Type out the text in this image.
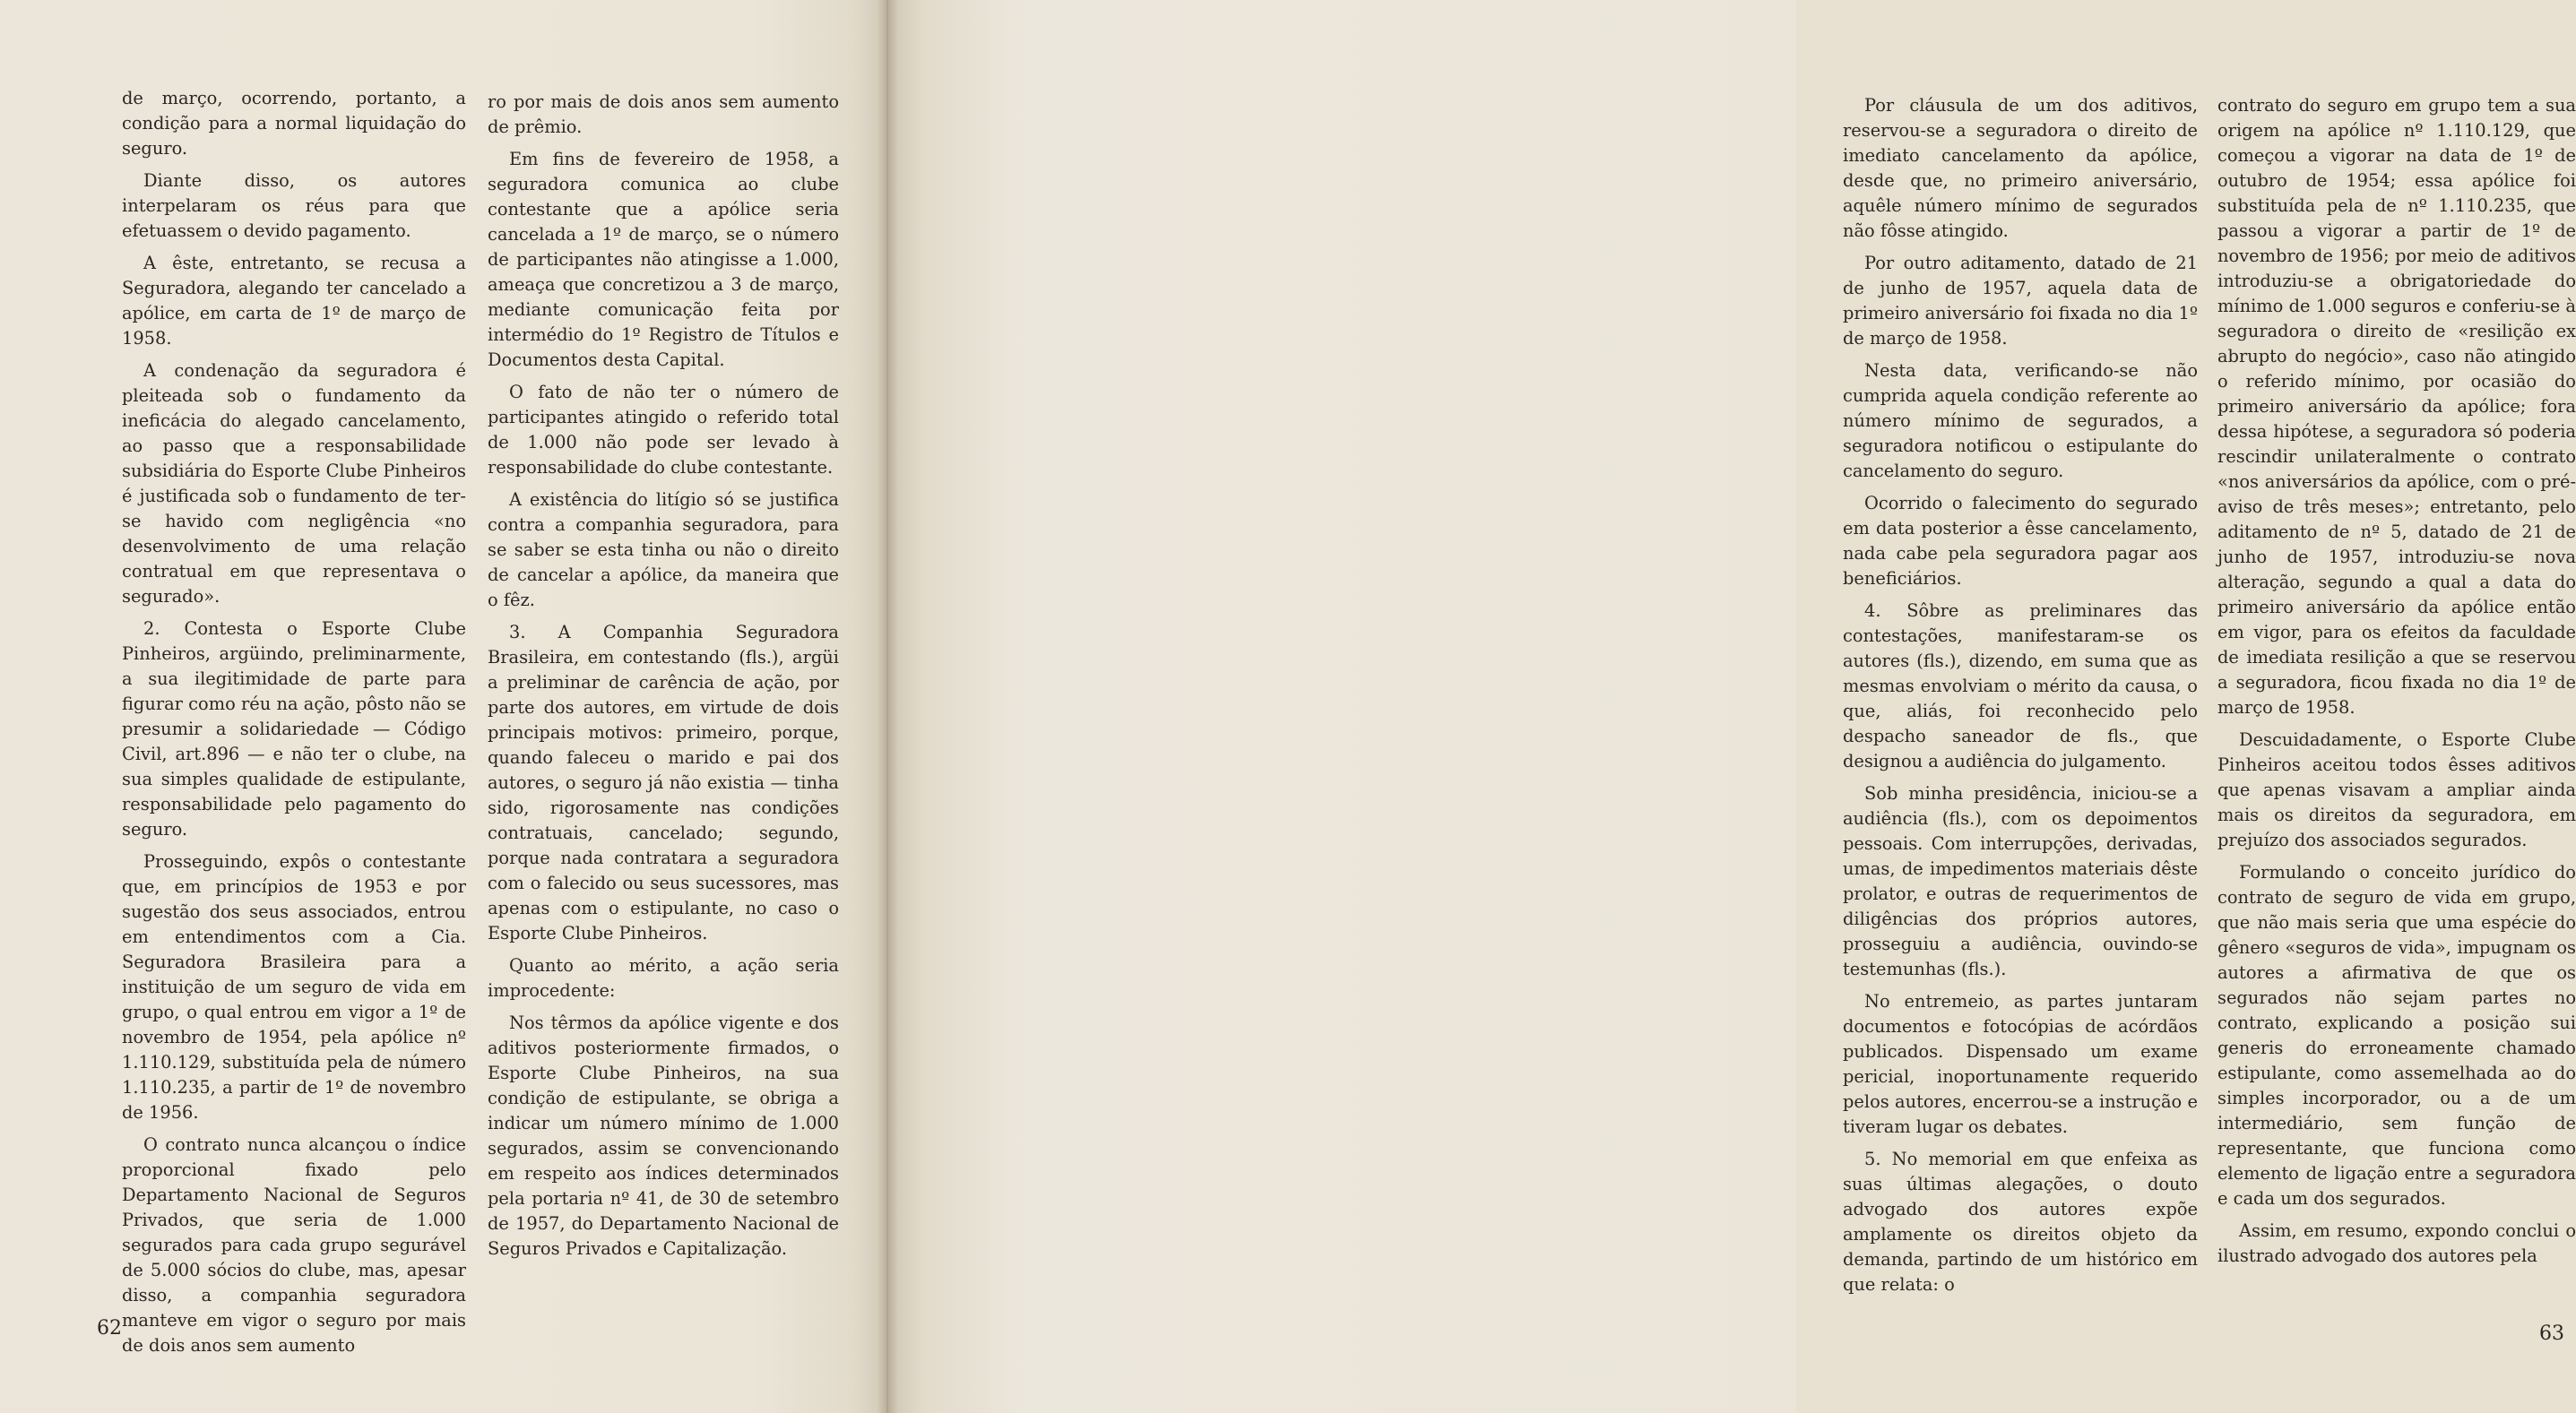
de março, ocorrendo, portanto, a condição para a normal liquidação do seguro.

Diante disso, os autores interpelaram os réus para que efetuassem o devido pagamento.

A êste, entretanto, se recusa a Seguradora, alegando ter cancelado a apólice, em carta de 1º de março de 1958.

A condenação da seguradora é pleiteada sob o fundamento da ineficácia do alegado cancelamento, ao passo que a responsabilidade subsidiária do Esporte Clube Pinheiros é justificada sob o fundamento de ter-se havido com negligência «no desenvolvimento de uma relação contratual em que representava o segurado».

2. Contesta o Esporte Clube Pinheiros, argüindo, preliminarmente, a sua ilegitimidade de parte para figurar como réu na ação, pôsto não se presumir a solidariedade — Código Civil, art.896 — e não ter o clube, na sua simples qualidade de estipulante, responsabilidade pelo pagamento do seguro.

Prosseguindo, expôs o contestante que, em princípios de 1953 e por sugestão dos seus associados, entrou em entendimentos com a Cia. Seguradora Brasileira para a instituição de um seguro de vida em grupo, o qual entrou em vigor a 1º de novembro de 1954, pela apólice nº 1.110.129, substituída pela de número 1.110.235, a partir de 1º de novembro de 1956.

O contrato nunca alcançou o índice proporcional fixado pelo Departamento Nacional de Seguros Privados, que seria de 1.000 segurados para cada grupo segurável de 5.000 sócios do clube, mas, apesar disso, a companhia seguradora manteve em vigor o seguro por mais de dois anos sem aumento

ro por mais de dois anos sem aumento de prêmio.

Em fins de fevereiro de 1958, a seguradora comunica ao clube contestante que a apólice seria cancelada a 1º de março, se o número de participantes não atingisse a 1.000, ameaça que concretizou a 3 de março, mediante comunicação feita por intermédio do 1º Registro de Títulos e Documentos desta Capital.

O fato de não ter o número de participantes atingido o referido total de 1.000 não pode ser levado à responsabilidade do clube contestante.

A existência do litígio só se justifica contra a companhia seguradora, para se saber se esta tinha ou não o direito de cancelar a apólice, da maneira que o fêz.

3. A Companhia Seguradora Brasileira, em contestando (fls.), argüi a preliminar de carência de ação, por parte dos autores, em virtude de dois principais motivos: primeiro, porque, quando faleceu o marido e pai dos autores, o seguro já não existia — tinha sido, rigorosamente nas condições contratuais, cancelado; segundo, porque nada contratara a seguradora com o falecido ou seus sucessores, mas apenas com o estipulante, no caso o Esporte Clube Pinheiros.

Quanto ao mérito, a ação seria improcedente:

Nos têrmos da apólice vigente e dos aditivos posteriormente firmados, o Esporte Clube Pinheiros, na sua condição de estipulante, se obriga a indicar um número mínimo de 1.000 segurados, assim se convencionando em respeito aos índices determinados pela portaria nº 41, de 30 de setembro de 1957, do Departamento Nacional de Seguros Privados e Capitalização.

62

Por cláusula de um dos aditivos, reservou-se a seguradora o direito de imediato cancelamento da apólice, desde que, no primeiro aniversário, aquêle número mínimo de segurados não fôsse atingido.

Por outro aditamento, datado de 21 de junho de 1957, aquela data de primeiro aniversário foi fixada no dia 1º de março de 1958.

Nesta data, verificando-se não cumprida aquela condição referente ao número mínimo de segurados, a seguradora notificou o estipulante do cancelamento do seguro.

Ocorrido o falecimento do segurado em data posterior a êsse cancelamento, nada cabe pela seguradora pagar aos beneficiários.

4. Sôbre as preliminares das contestações, manifestaram-se os autores (fls.), dizendo, em suma que as mesmas envolviam o mérito da causa, o que, aliás, foi reconhecido pelo despacho saneador de fls., que designou a audiência do julgamento.

Sob minha presidência, iniciou-se a audiência (fls.), com os depoimentos pessoais. Com interrupções, derivadas, umas, de impedimentos materiais dêste prolator, e outras de requerimentos de diligências dos próprios autores, prosseguiu a audiência, ouvindo-se testemunhas (fls.).

No entremeio, as partes juntaram documentos e fotocópias de acórdãos publicados. Dispensado um exame pericial, inoportunamente requerido pelos autores, encerrou-se a instrução e tiveram lugar os debates.

5. No memorial em que enfeixa as suas últimas alegações, o douto advogado dos autores expõe amplamente os direitos objeto da demanda, partindo de um histórico em que relata: o

contrato do seguro em grupo tem a sua origem na apólice nº 1.110.129, que começou a vigorar na data de 1º de outubro de 1954; essa apólice foi substituída pela de nº 1.110.235, que passou a vigorar a partir de 1º de novembro de 1956; por meio de aditivos introduziu-se a obrigatoriedade do mínimo de 1.000 seguros e conferiu-se à seguradora o direito de «resilição ex abrupto do negócio», caso não atingido o referido mínimo, por ocasião do primeiro aniversário da apólice; fora dessa hipótese, a seguradora só poderia rescindir unilateralmente o contrato «nos aniversários da apólice, com o pré-aviso de três meses»; entretanto, pelo aditamento de nº 5, datado de 21 de junho de 1957, introduziu-se nova alteração, segundo a qual a data do primeiro aniversário da apólice então em vigor, para os efeitos da faculdade de imediata resilição a que se reservou a seguradora, ficou fixada no dia 1º de março de 1958.

Descuidadamente, o Esporte Clube Pinheiros aceitou todos êsses aditivos que apenas visavam a ampliar ainda mais os direitos da seguradora, em prejuízo dos associados segurados.

Formulando o conceito jurídico do contrato de seguro de vida em grupo, que não mais seria que uma espécie do gênero «seguros de vida», impugnam os autores a afirmativa de que os segurados não sejam partes no contrato, explicando a posição sui generis do erroneamente chamado estipulante, como assemelhada ao do simples incorporador, ou a de um intermediário, sem função de representante, que funciona como elemento de ligação entre a seguradora e cada um dos segurados.

Assim, em resumo, expondo conclui o ilustrado advogado dos autores pela

63
